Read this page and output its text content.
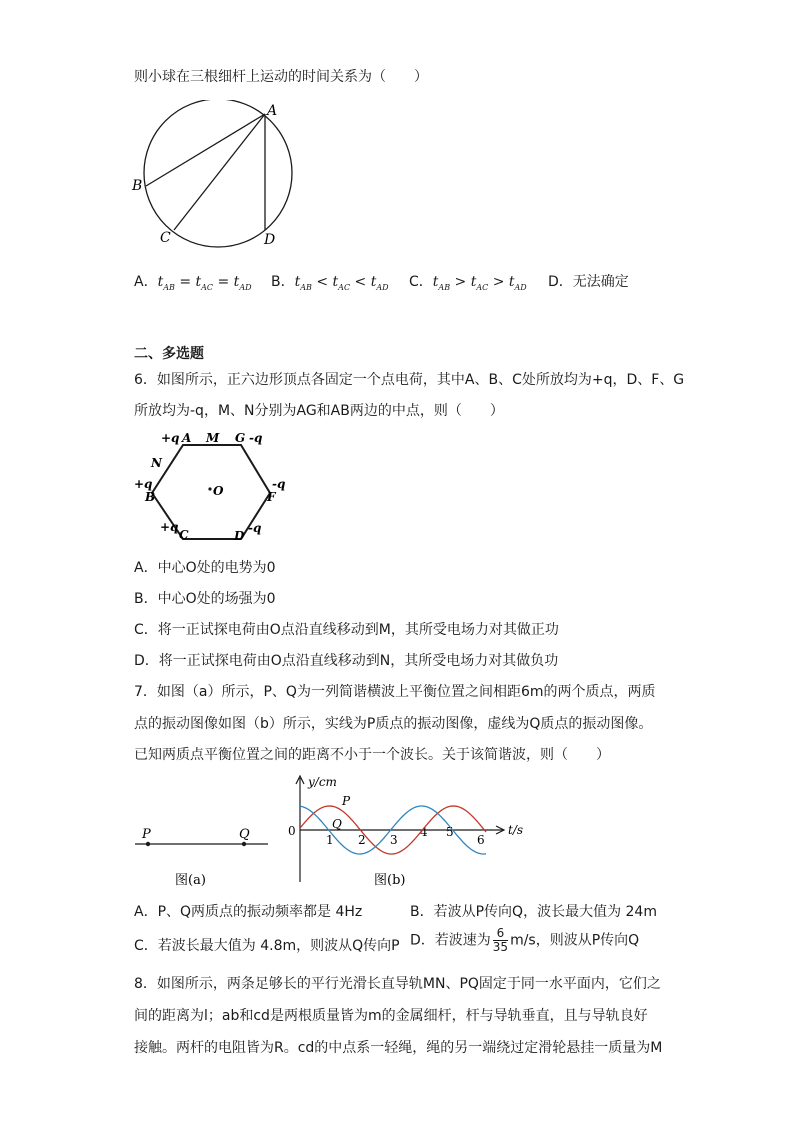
则小球在三根细杆上运动的时间关系为（　　）
A
B
C	D
A．$t_{AB} = t_{AC} = t_{AD}$ B．$t_{AB} < t_{AC} < t_{AD}$ C．$t_{AB} > t_{AC} > t_{AD}$ D．无法确定
二、多选题
6．如图所示，正六边形顶点各固定一个点电荷，其中A、B、C处所放均为+q，D、F、G
所放均为-q，M、N分别为AG和AB两边的中点，则（　　）
+q A M G -q
N
+q
B	O	-q
F
+q
C	D
-q
A．中心O处的电势为0
B．中心O处的场强为0
C．将一正试探电荷由O点沿直线移动到M，其所受电场力对其做正功
D．将一正试探电荷由O点沿直线移动到N，其所受电场力对其做负功
7．如图（a）所示，P、Q为一列简谐横波上平衡位置之间相距6m的两个质点，两质
点的振动图像如图（b）所示，实线为P质点的振动图像，虚线为Q质点的振动图像。
已知两质点平衡位置之间的距离不小于一个波长。关于该简谐波，则（　　）
P	Q
图(a)
y/cm
t/s
0
1 2 3
4 5
6
P
Q
图(b)
A．P、Q两质点的振动频率都是 4Hz	B．若波从P传向Q，波长最大值为 24m
C．若波长最大值为 4.8m，则波从Q传向P D．若波速为 $\frac{6}{35} m/s$，则波从P传向Q
8．如图所示，两条足够长的平行光滑长直导轨MN、PQ固定于同一水平面内，它们之
间的距离为l；ab和cd是两根质量皆为m的金属细杆，杆与导轨垂直，且与导轨良好
接触。两杆的电阻皆为R。cd的中点系一轻绳，绳的另一端绕过定滑轮悬挂一质量为M
